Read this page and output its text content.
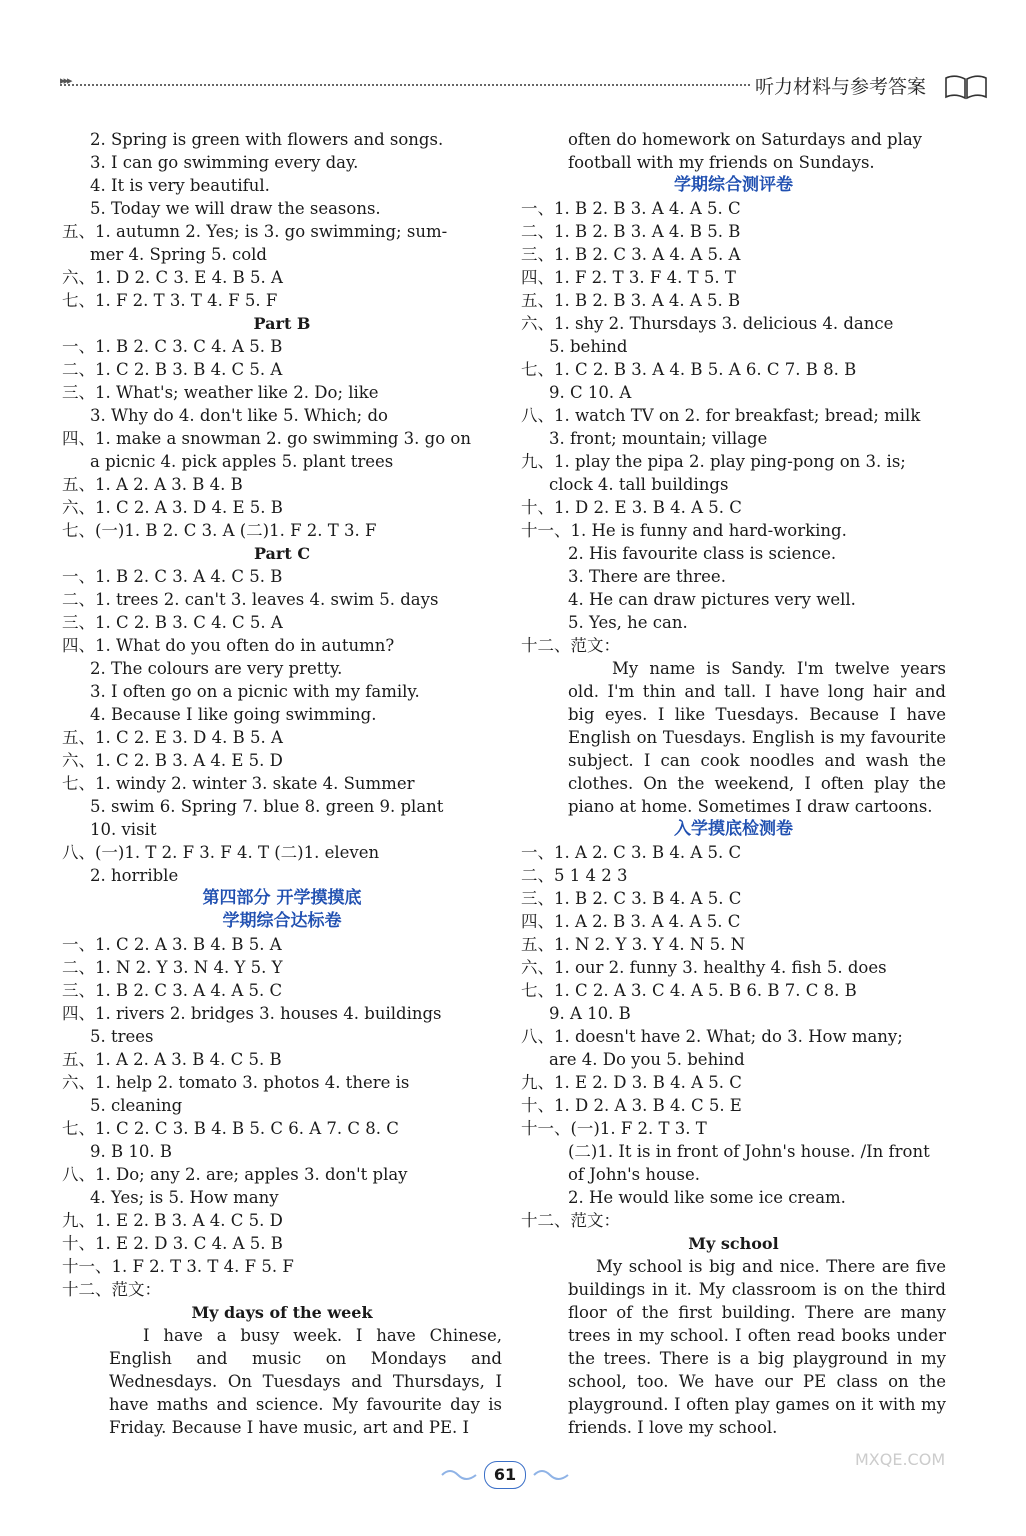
▸▸▸	听力材料与参考答案
2. Spring is green with flowers and songs.
3. I can go swimming every day.
4. It is very beautiful.
5. Today we will draw the seasons.
五、1. autumn 2. Yes; is 3. go swimming; sum-
mer 4. Spring 5. cold
六、1. D 2. C 3. E 4. B 5. A
七、1. F 2. T 3. T 4. F 5. F
Part B
一、1. B 2. C 3. C 4. A 5. B
二、1. C 2. B 3. B 4. C 5. A
三、1. What's; weather like 2. Do; like
3. Why do 4. don't like 5. Which; do
四、1. make a snowman 2. go swimming 3. go on
a picnic 4. pick apples 5. plant trees
五、1. A 2. A 3. B 4. B
六、1. C 2. A 3. D 4. E 5. B
七、(一)1. B 2. C 3. A (二)1. F 2. T 3. F
Part C
一、1. B 2. C 3. A 4. C 5. B
二、1. trees 2. can't 3. leaves 4. swim 5. days
三、1. C 2. B 3. C 4. C 5. A
四、1. What do you often do in autumn?
2. The colours are very pretty.
3. I often go on a picnic with my family.
4. Because I like going swimming.
五、1. C 2. E 3. D 4. B 5. A
六、1. C 2. B 3. A 4. E 5. D
七、1. windy 2. winter 3. skate 4. Summer
5. swim 6. Spring 7. blue 8. green 9. plant
10. visit
八、(一)1. T 2. F 3. F 4. T (二)1. eleven
2. horrible
第四部分 开学摸摸底
学期综合达标卷
一、1. C 2. A 3. B 4. B 5. A
二、1. N 2. Y 3. N 4. Y 5. Y
三、1. B 2. C 3. A 4. A 5. C
四、1. rivers 2. bridges 3. houses 4. buildings
5. trees
五、1. A 2. A 3. B 4. C 5. B
六、1. help 2. tomato 3. photos 4. there is
5. cleaning
七、1. C 2. C 3. B 4. B 5. C 6. A 7. C 8. C
9. B 10. B
八、1. Do; any 2. are; apples 3. don't play
4. Yes; is 5. How many
九、1. E 2. B 3. A 4. C 5. D
十、1. E 2. D 3. C 4. A 5. B
十一、1. F 2. T 3. T 4. F 5. F
十二、范文：
My days of the week
I have a busy week. I have Chinese, English and music on Mondays and Wednesdays. On Tuesdays and Thursdays, I have maths and science. My favourite day is Friday. Because I have music, art and PE. I
often do homework on Saturdays and play
football with my friends on Sundays.
学期综合测评卷
一、1. B 2. B 3. A 4. A 5. C
二、1. B 2. B 3. A 4. B 5. B
三、1. B 2. C 3. A 4. A 5. A
四、1. F 2. T 3. F 4. T 5. T
五、1. B 2. B 3. A 4. A 5. B
六、1. shy 2. Thursdays 3. delicious 4. dance
5. behind
七、1. C 2. B 3. A 4. B 5. A 6. C 7. B 8. B
9. C 10. A
八、1. watch TV on 2. for breakfast; bread; milk
3. front; mountain; village
九、1. play the pipa 2. play ping-pong on 3. is;
clock 4. tall buildings
十、1. D 2. E 3. B 4. A 5. C
十一、1. He is funny and hard-working.
2. His favourite class is science.
3. There are three.
4. He can draw pictures very well.
5. Yes, he can.
十二、范文：
My name is Sandy. I'm twelve years old. I'm thin and tall. I have long hair and big eyes. I like Tuesdays. Because I have English on Tuesdays. English is my favourite subject. I can cook noodles and wash the clothes. On the weekend, I often play the piano at home. Sometimes I draw cartoons.
入学摸底检测卷
一、1. A 2. C 3. B 4. A 5. C
二、5 1 4 2 3
三、1. B 2. C 3. B 4. A 5. C
四、1. A 2. B 3. A 4. A 5. C
五、1. N 2. Y 3. Y 4. N 5. N
六、1. our 2. funny 3. healthy 4. fish 5. does
七、1. C 2. A 3. C 4. A 5. B 6. B 7. C 8. B
9. A 10. B
八、1. doesn't have 2. What; do 3. How many;
are 4. Do you 5. behind
九、1. E 2. D 3. B 4. A 5. C
十、1. D 2. A 3. B 4. C 5. E
十一、(一)1. F 2. T 3. T
(二)1. It is in front of John's house. /In front
of John's house.
2. He would like some ice cream.
十二、范文：
My school
My school is big and nice. There are five buildings in it. My classroom is on the third floor of the first building. There are many trees in my school. I often read books under the trees. There is a big playground in my school, too. We have our PE class on the playground. I often play games on it with my friends. I love my school.
61
MXQE.COM
